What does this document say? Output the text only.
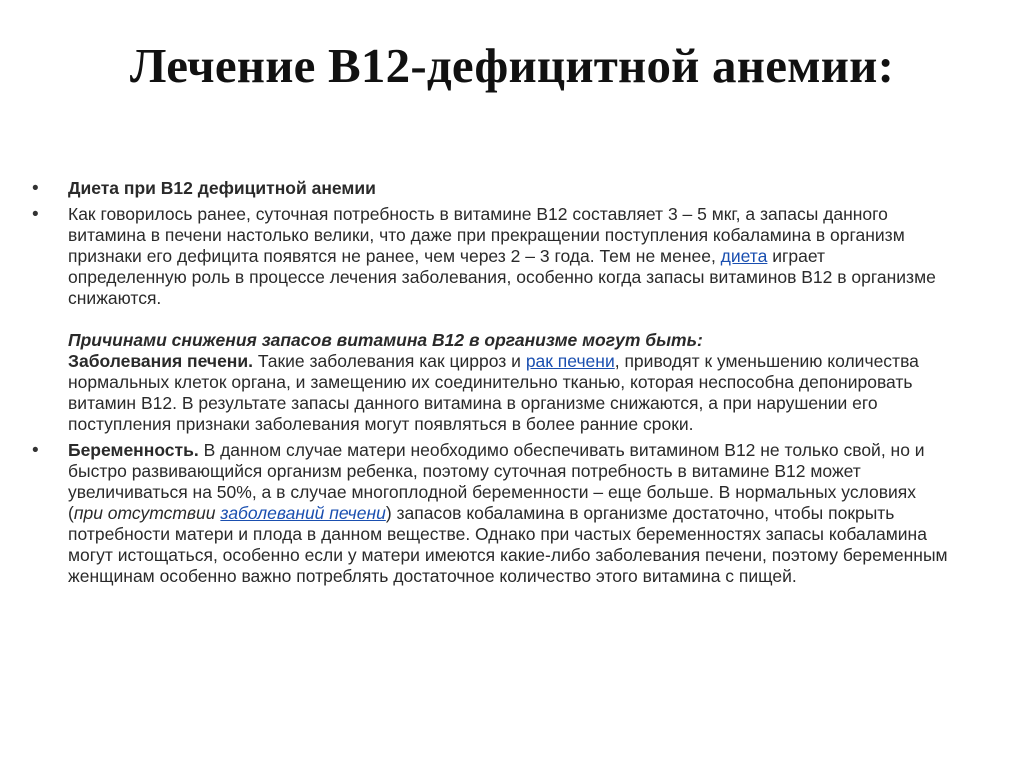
Лечение В12-дефицитной анемии:
• Диета при В12 дефицитной анемии

• Как говорилось ранее, суточная потребность в витамине В12 составляет 3 – 5 мкг, а запасы данного витамина в печени настолько велики, что даже при прекращении поступления кобаламина в организм признаки его дефицита появятся не ранее, чем через 2 – 3 года. Тем не менее, диета играет определенную роль в процессе лечения заболевания, особенно когда запасы витаминов В12 в организме снижаются.

Причинами снижения запасов витамина В12 в организме могут быть:

Заболевания печени. Такие заболевания как цирроз и рак печени, приводят к уменьшению количества нормальных клеток органа, и замещению их соединительно тканью, которая неспособна депонировать витамин В12. В результате запасы данного витамина в организме снижаются, а при нарушении его поступления признаки заболевания могут появляться в более ранние сроки.

• Беременность. В данном случае матери необходимо обеспечивать витамином В12 не только свой, но и быстро развивающийся организм ребенка, поэтому суточная потребность в витамине В12 может увеличиваться на 50%, а в случае многоплодной беременности – еще больше. В нормальных условиях (при отсутствии заболеваний печени) запасов кобаламина в организме достаточно, чтобы покрыть потребности матери и плода в данном веществе. Однако при частых беременностях запасы кобаламина могут истощаться, особенно если у матери имеются какие-либо заболевания печени, поэтому беременным женщинам особенно важно потреблять достаточное количество этого витамина с пищей.
